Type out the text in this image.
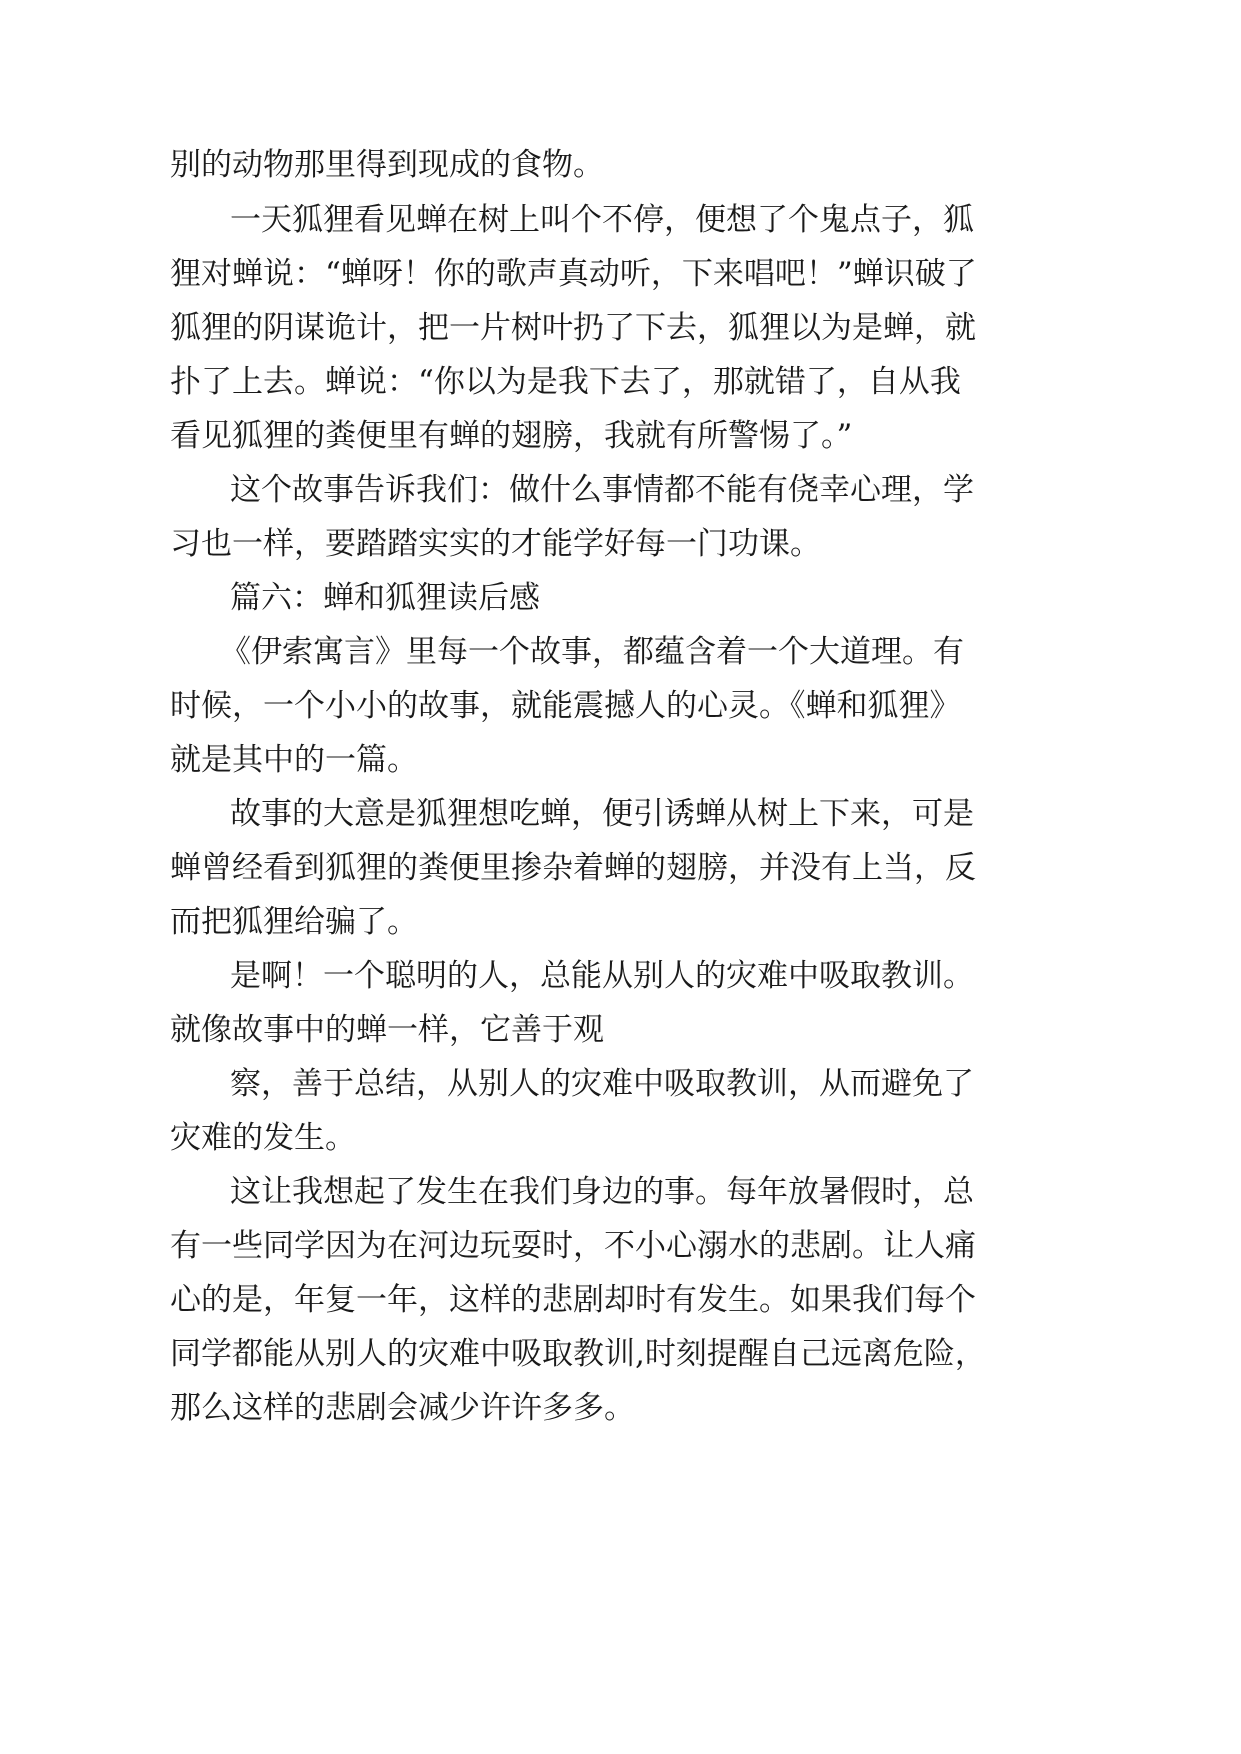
别的动物那里得到现成的食物。
一天狐狸看见蝉在树上叫个不停，便想了个鬼点子，狐
狸对蝉说：“蝉呀！你的歌声真动听，下来唱吧！”蝉识破了
狐狸的阴谋诡计，把一片树叶扔了下去，狐狸以为是蝉，就
扑了上去。蝉说：“你以为是我下去了，那就错了，自从我
看见狐狸的粪便里有蝉的翅膀，我就有所警惕了。”
这个故事告诉我们：做什么事情都不能有侥幸心理，学
习也一样，要踏踏实实的才能学好每一门功课。
篇六：蝉和狐狸读后感
《伊索寓言》里每一个故事，都蕴含着一个大道理。有
时候，一个小小的故事，就能震撼人的心灵。《蝉和狐狸》
就是其中的一篇。
故事的大意是狐狸想吃蝉，便引诱蝉从树上下来，可是
蝉曾经看到狐狸的粪便里掺杂着蝉的翅膀，并没有上当，反
而把狐狸给骗了。
是啊！一个聪明的人，总能从别人的灾难中吸取教训。
就像故事中的蝉一样，它善于观
察，善于总结，从别人的灾难中吸取教训，从而避免了
灾难的发生。
这让我想起了发生在我们身边的事。每年放暑假时，总
有一些同学因为在河边玩耍时，不小心溺水的悲剧。让人痛
心的是，年复一年，这样的悲剧却时有发生。如果我们每个
同学都能从别人的灾难中吸取教训,时刻提醒自己远离危险，
那么这样的悲剧会减少许许多多。
